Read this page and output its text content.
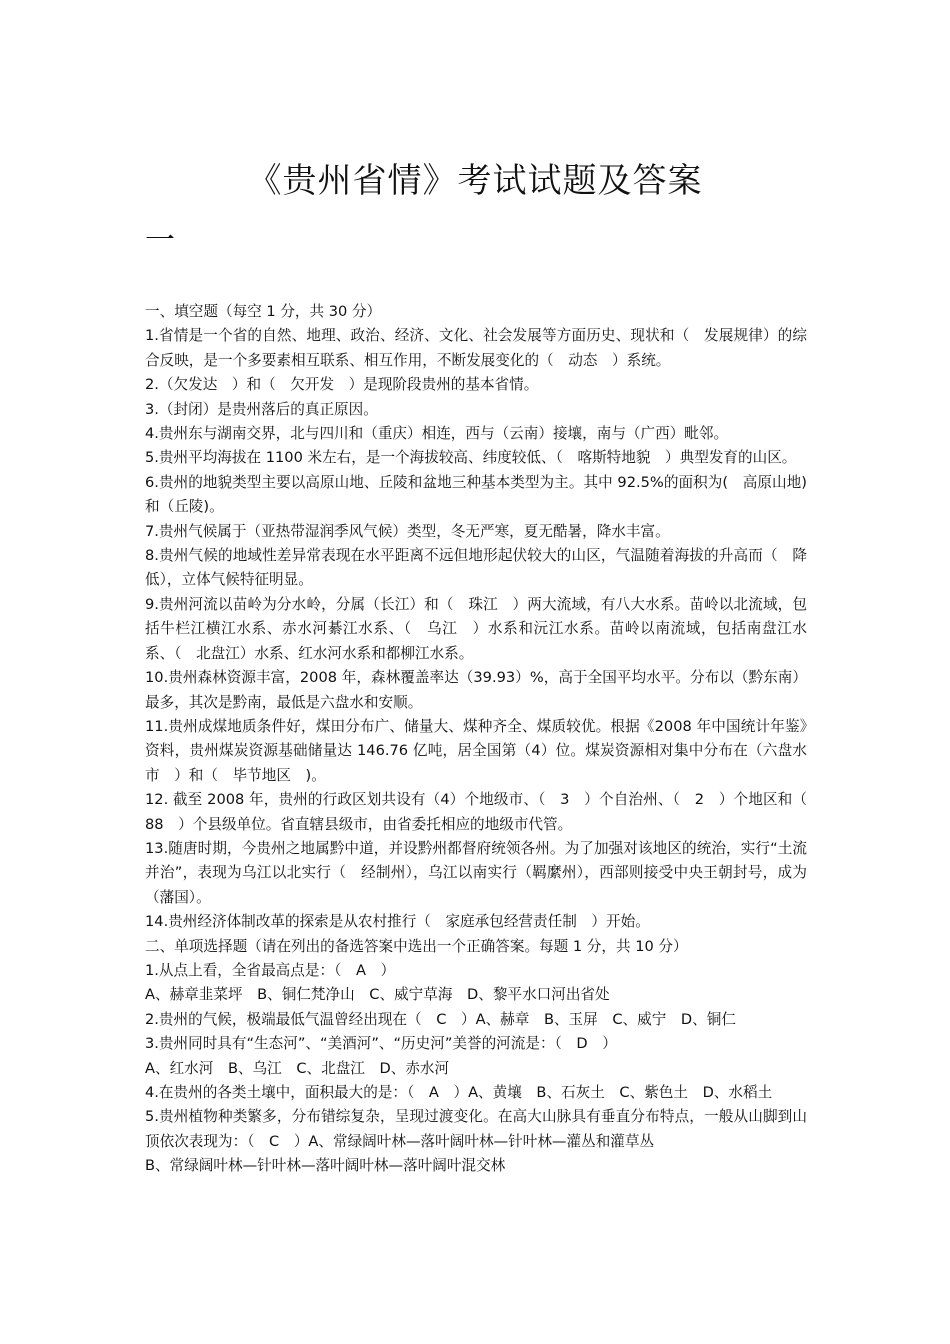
《贵州省情》考试试题及答案
一

一、填空题（每空 1 分，共 30 分）

1.省情是一个省的自然、地理、政治、经济、文化、社会发展等方面历史、现状和（　发展规律）的综合反映，是一个多要素相互联系、相互作用，不断发展变化的（　动态　）系统。

2.（欠发达　）和（　欠开发　）是现阶段贵州的基本省情。

3.（封闭）是贵州落后的真正原因。

4.贵州东与湖南交界，北与四川和（重庆）相连，西与（云南）接壤，南与（广西）毗邻。

5.贵州平均海拔在 1100 米左右，是一个海拔较高、纬度较低、（　喀斯特地貌　）典型发育的山区。

6.贵州的地貌类型主要以高原山地、丘陵和盆地三种基本类型为主。其中 92.5%的面积为(　高原山地)和（丘陵)。

7.贵州气候属于（亚热带湿润季风气候）类型，冬无严寒，夏无酷暑，降水丰富。

8.贵州气候的地域性差异常表现在水平距离不远但地形起伏较大的山区，气温随着海拔的升高而（　降低），立体气候特征明显。

9.贵州河流以苗岭为分水岭，分属（长江）和（　珠江　）两大流域，有八大水系。苗岭以北流域，包括牛栏江横江水系、赤水河綦江水系、（　乌江　）水系和沅江水系。苗岭以南流域，包括南盘江水系、（　北盘江）水系、红水河水系和都柳江水系。

10.贵州森林资源丰富，2008 年，森林覆盖率达（39.93）%，高于全国平均水平。分布以（黔东南）最多，其次是黔南，最低是六盘水和安顺。

11.贵州成煤地质条件好，煤田分布广、储量大、煤种齐全、煤质较优。根据《2008 年中国统计年鉴》资料，贵州煤炭资源基础储量达 146.76 亿吨，居全国第（4）位。煤炭资源相对集中分布在（六盘水市　）和（　毕节地区　)。

12. 截至 2008 年，贵州的行政区划共设有（4）个地级市、（　3　）个自治州、（　2　）个地区和（　88　）个县级单位。省直辖县级市，由省委托相应的地级市代管。

13.随唐时期，今贵州之地属黔中道，并设黔州都督府统领各州。为了加强对该地区的统治，实行“土流并治”，表现为乌江以北实行（　经制州），乌江以南实行（羁縻州），西部则接受中央王朝封号，成为（藩国）。

14.贵州经济体制改革的探索是从农村推行（　家庭承包经营责任制　）开始。

二、单项选择题（请在列出的备选答案中选出一个正确答案。每题 1 分，共 10 分）

1.从点上看，全省最高点是：（　A　）

A、赫章韭菜坪　B、铜仁梵净山　C、威宁草海　D、黎平水口河出省处

2.贵州的气候，极端最低气温曾经出现在（　C　）A、赫章　B、玉屏　C、威宁　D、铜仁

3.贵州同时具有“生态河”、“美酒河”、“历史河”美誉的河流是：（　D　）

A、红水河　B、乌江　C、北盘江　D、赤水河

4.在贵州的各类土壤中，面积最大的是：（　A　）A、黄壤　B、石灰土　C、紫色土　D、水稻土

5.贵州植物种类繁多，分布错综复杂，呈现过渡变化。在高大山脉具有垂直分布特点，一般从山脚到山顶依次表现为：（　C　）A、常绿阔叶林—落叶阔叶林—针叶林—灌丛和灌草丛

B、常绿阔叶林—针叶林—落叶阔叶林—落叶阔叶混交林
